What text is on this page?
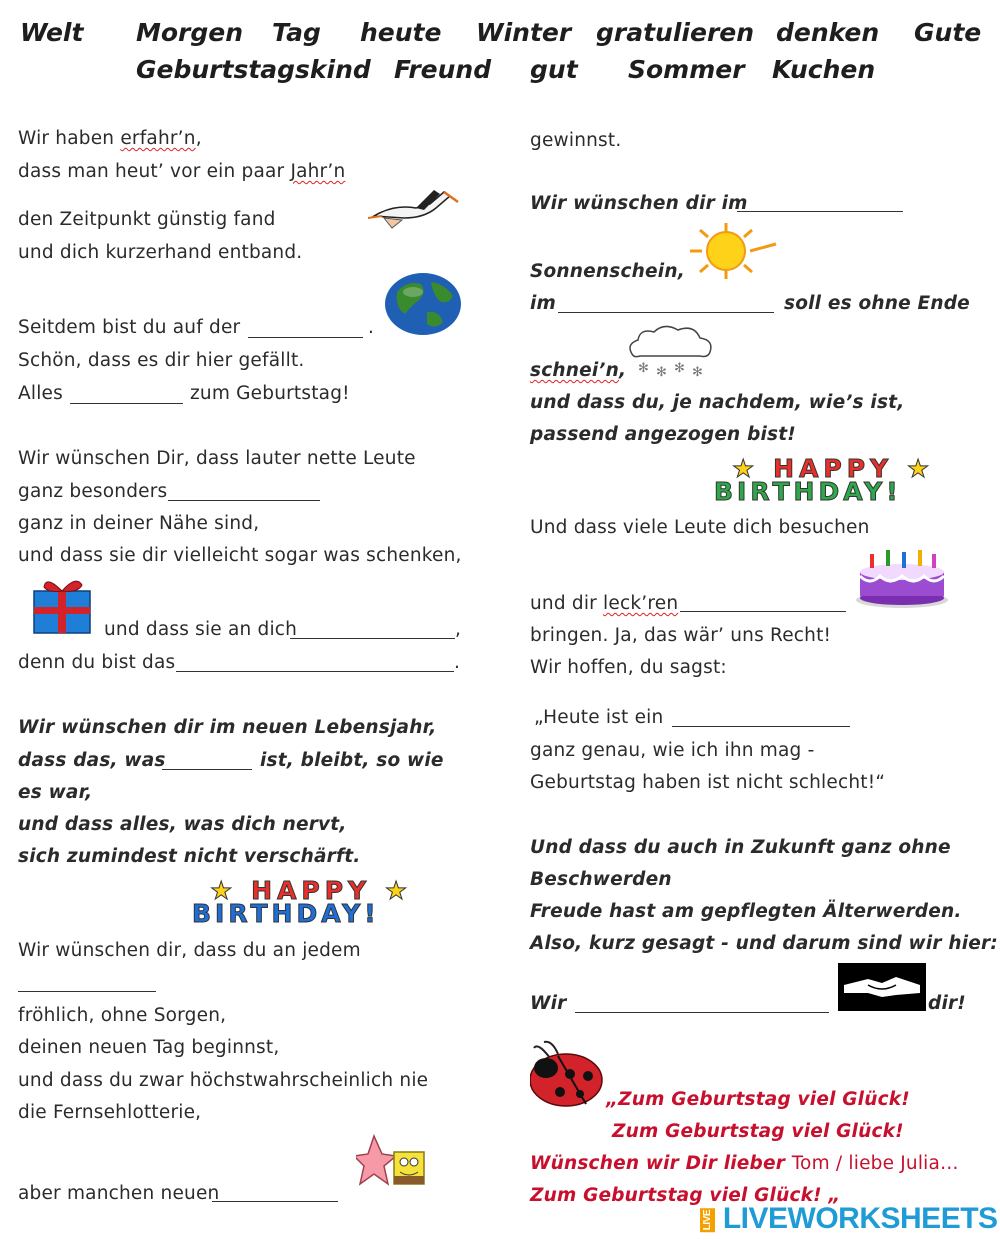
Welt Morgen Tag heute Winter gratulieren denken Gute
Geburtstagskind Freund gut Sommer Kuchen
Wir haben erfahr’n,
dass man heut’ vor ein paar Jahr’n
den Zeitpunkt günstig fand
und dich kurzerhand entband.
Seitdem bist du auf der	.
Schön, dass es dir hier gefällt.
Alles	zum Geburtstag!
Wir wünschen Dir, dass lauter nette Leute
ganz besonders
ganz in deiner Nähe sind,
und dass sie dir vielleicht sogar was schenken,
und dass sie an dich	,
denn du bist das	.
Wir wünschen dir im neuen Lebensjahr,
dass das, was	ist, bleibt, so wie
es war,
und dass alles, was dich nervt,
sich zumindest nicht verschärft.
Wir wünschen dir, dass du an jedem
fröhlich, ohne Sorgen,
deinen neuen Tag beginnst,
und dass du zwar höchstwahrscheinlich nie
die Fernsehlotterie,
aber manchen neuen
gewinnst.
Wir wünschen dir im
Sonnenschein,
im	soll es ohne Ende
schnei’n,
und dass du, je nachdem, wie’s ist,
passend angezogen bist!
Und dass viele Leute dich besuchen
und dir leck’ren
bringen. Ja, das wär’ uns Recht!
Wir hoffen, du sagst:
„Heute ist ein
ganz genau, wie ich ihn mag -
Geburtstag haben ist nicht schlecht!“
Und dass du auch in Zukunft ganz ohne
Beschwerden
Freude hast am gepflegten Älterwerden.
Also, kurz gesagt - und darum sind wir hier:
Wir	dir!
„Zum Geburtstag viel Glück!
Zum Geburtstag viel Glück!
Wünschen wir Dir lieber Tom / liebe Julia…
Zum Geburtstag viel Glück! „
✻ ✻ ✻ ✻
★ HAPPY ★
BIRTHDAY!
★ HAPPY ★
BIRTHDAY!
LIVE LIVEWORKSHEETS
